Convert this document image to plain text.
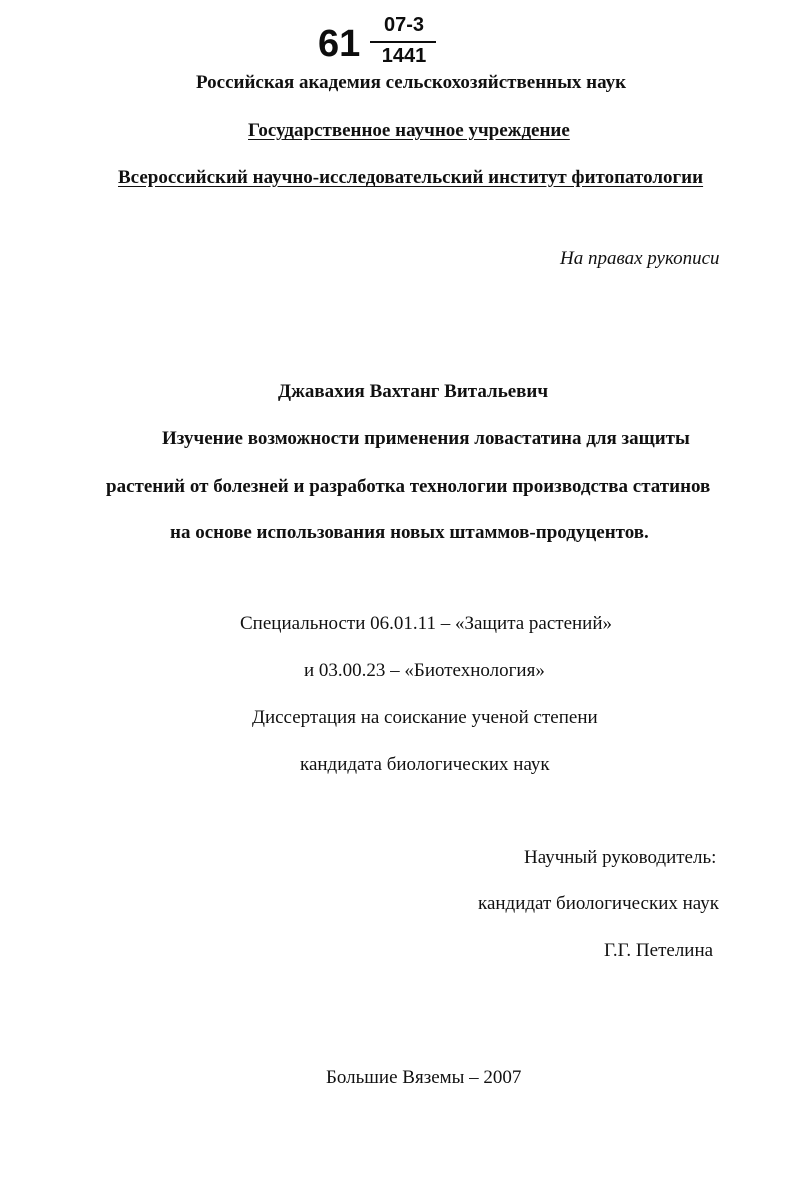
61	07-3
1441
Российская академия сельскохозяйственных наук
Государственное научное учреждение
Всероссийский научно-исследовательский институт фитопатологии
На правах рукописи
Джавахия Вахтанг Витальевич
Изучение возможности применения ловастатина для защиты
растений от болезней и разработка технологии производства статинов
на основе использования новых штаммов-продуцентов.
Специальности 06.01.11 – «Защита растений»
и 03.00.23 – «Биотехнология»
Диссертация на соискание ученой степени
кандидата биологических наук
Научный руководитель:
кандидат биологических наук
Г.Г. Петелина
Большие Вяземы – 2007
